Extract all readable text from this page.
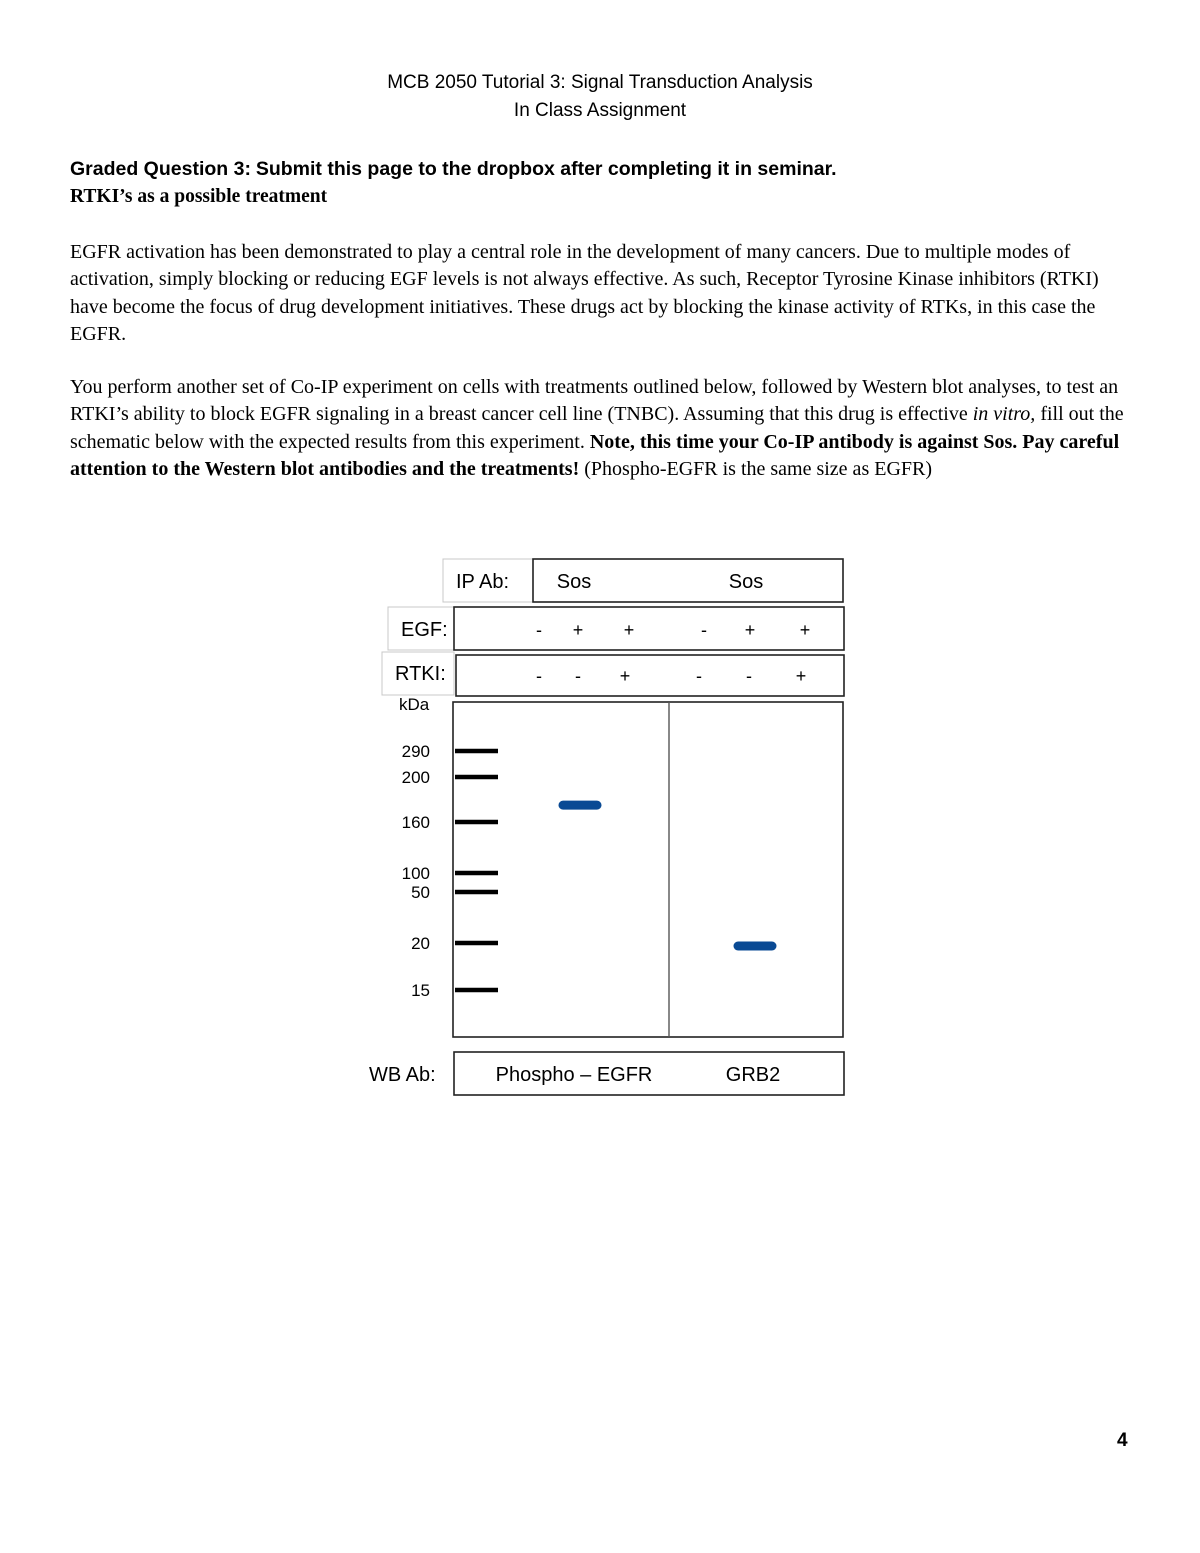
MCB 2050 Tutorial 3: Signal Transduction Analysis
In Class Assignment
Graded Question 3: Submit this page to the dropbox after completing it in seminar.
RTKI’s as a possible treatment
EGFR activation has been demonstrated to play a central role in the development of many cancers. Due to multiple modes of activation, simply blocking or reducing EGF levels is not always effective. As such, Receptor Tyrosine Kinase inhibitors (RTKI) have become the focus of drug development initiatives. These drugs act by blocking the kinase activity of RTKs, in this case the EGFR.
You perform another set of Co-IP experiment on cells with treatments outlined below, followed by Western blot analyses, to test an RTKI’s ability to block EGFR signaling in a breast cancer cell line (TNBC). Assuming that this drug is effective in vitro, fill out the schematic below with the expected results from this experiment. Note, this time your Co-IP antibody is against Sos. Pay careful attention to the Western blot antibodies and the treatments! (Phospho-EGFR is the same size as EGFR)
IP Ab: Sos	Sos
EGF:	- + +	- + +
RTKI:	- - +	- - +
kDa
290
200
160
100
50
20
15
WB Ab:	Phospho – EGFR	GRB2
4
